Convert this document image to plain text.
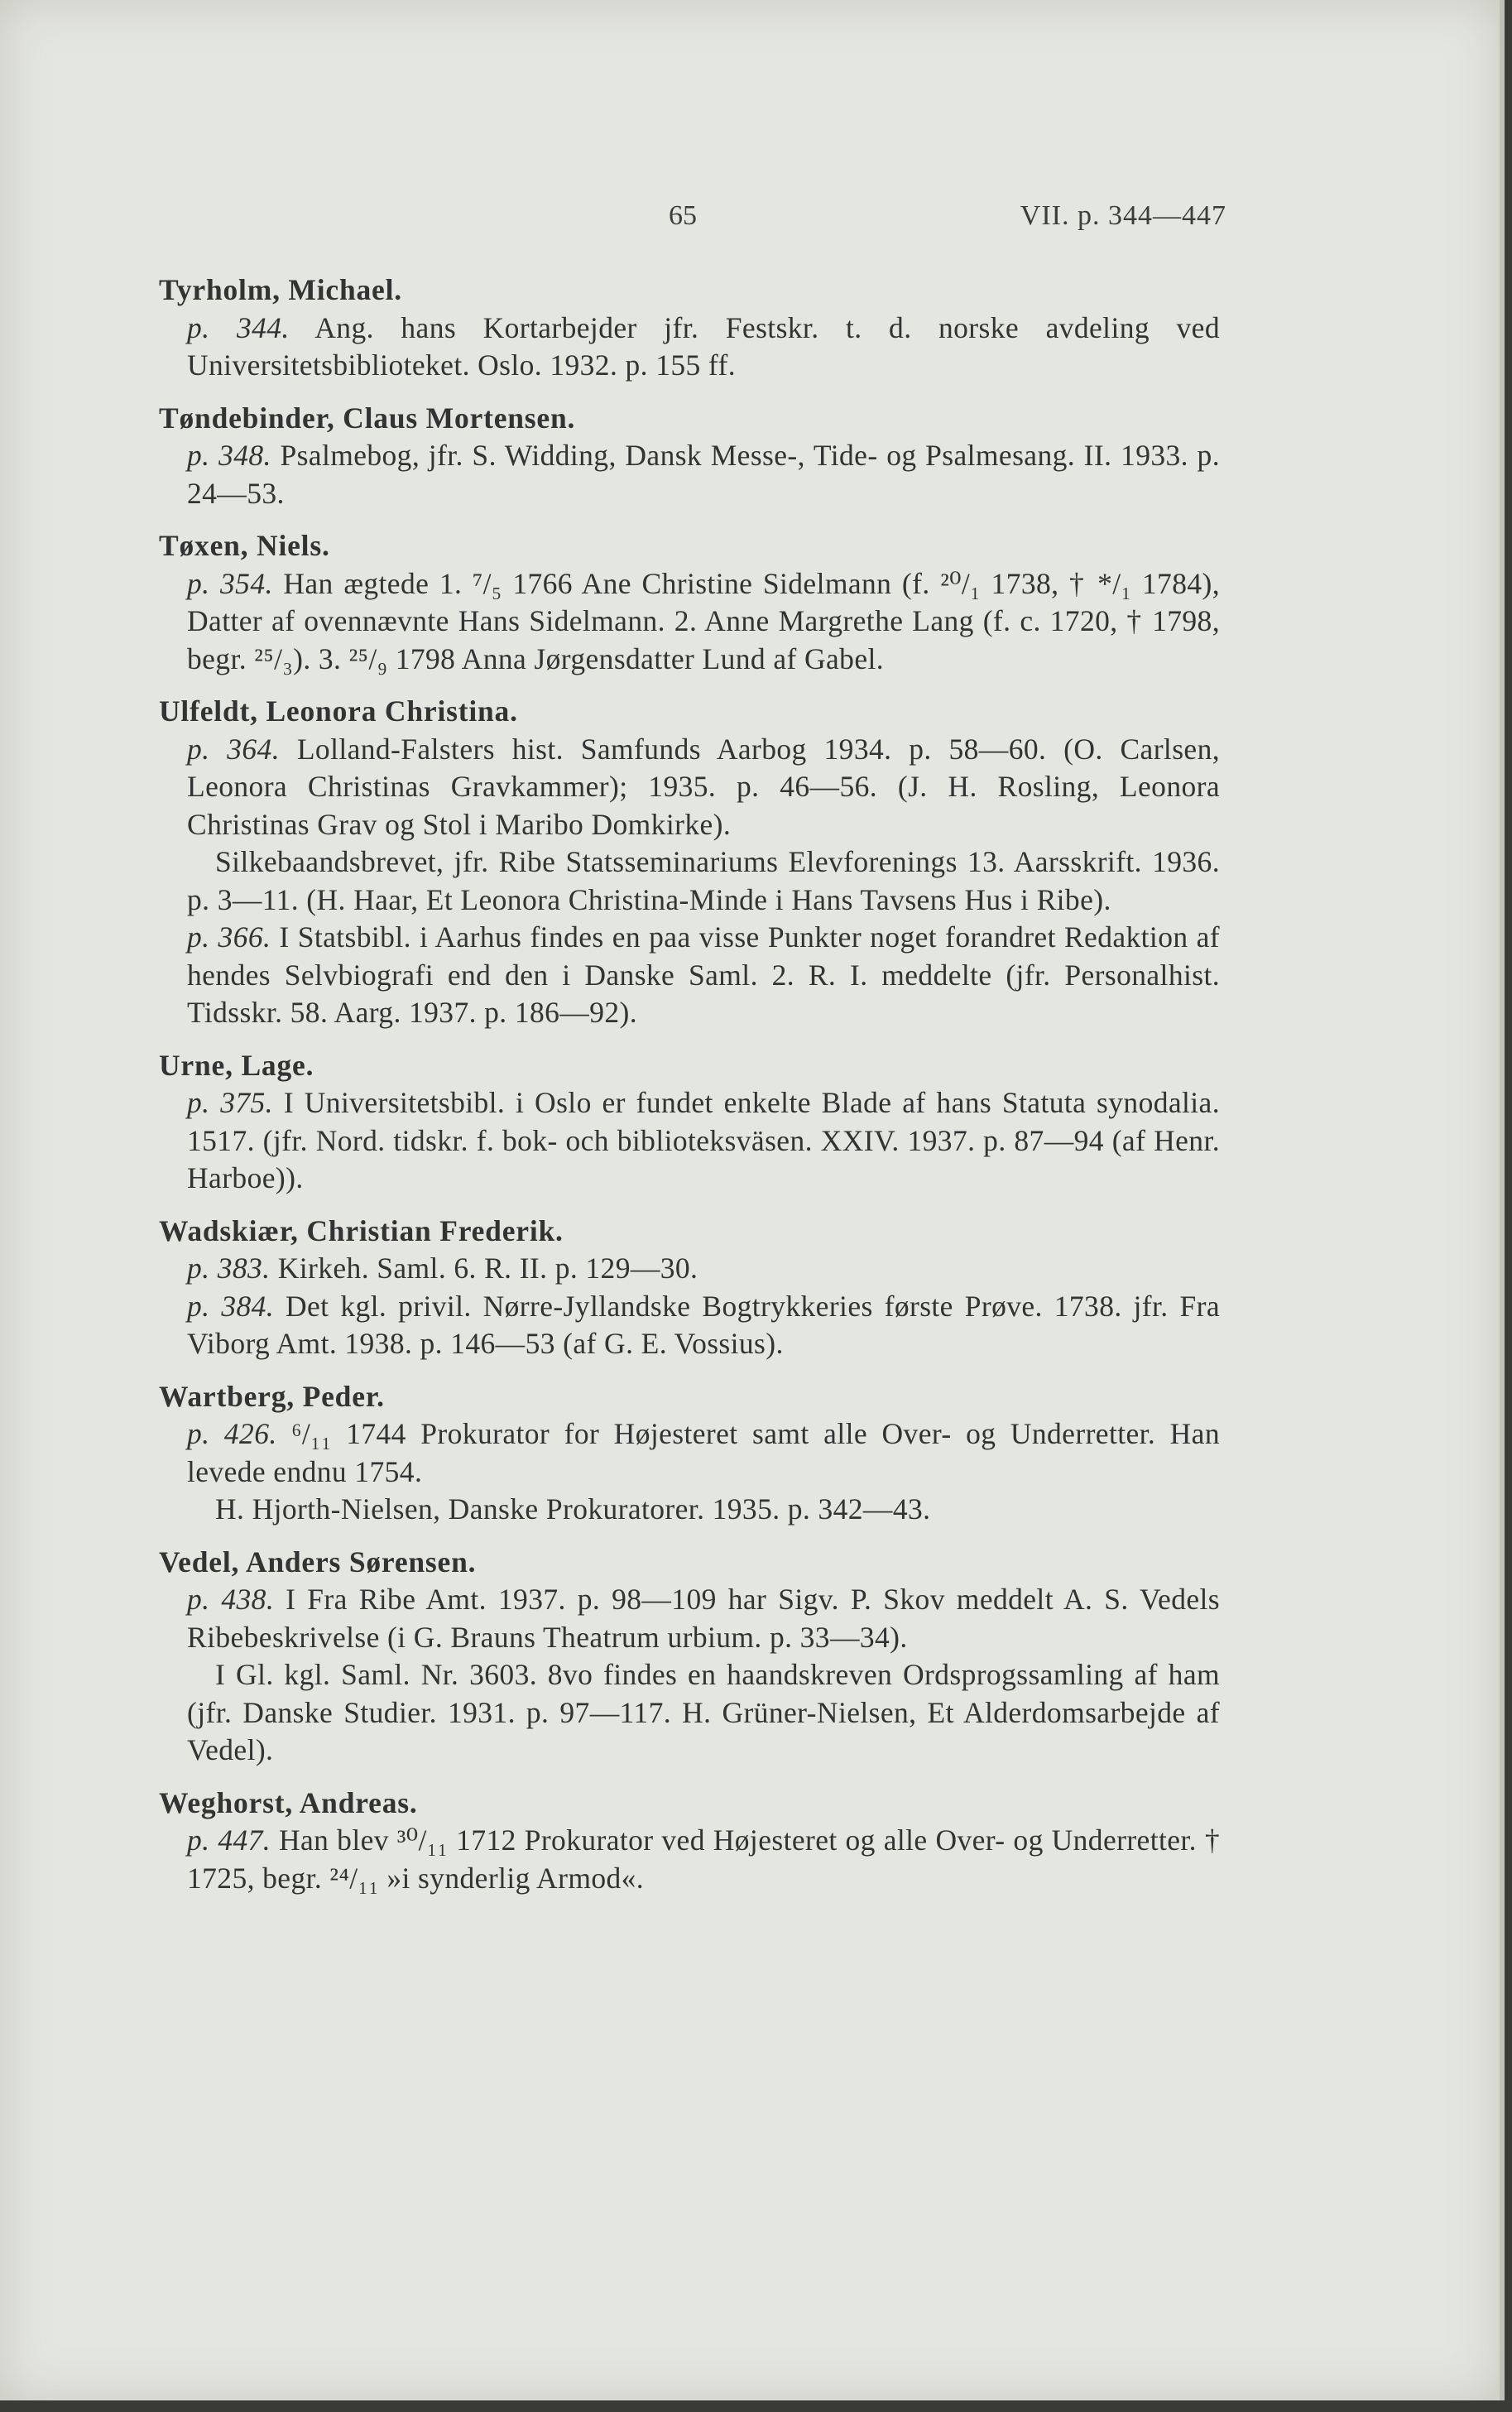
65	VII. p. 344—447

Tyrholm, Michael.

p. 344. Ang. hans Kortarbejder jfr. Festskr. t. d. norske avdeling ved Universitetsbiblioteket. Oslo. 1932. p. 155 ff.

Tøndebinder, Claus Mortensen.

p. 348. Psalmebog, jfr. S. Widding, Dansk Messe-, Tide- og Psalmesang. II. 1933. p. 24—53.

Tøxen, Niels.

p. 354. Han ægtede 1. ⁷/₅ 1766 Ane Christine Sidelmann (f. ²⁰/₁ 1738, † */₁ 1784), Datter af ovennævnte Hans Sidelmann. 2. Anne Margrethe Lang (f. c. 1720, † 1798, begr. ²⁵/₃). 3. ²⁵/₉ 1798 Anna Jørgensdatter Lund af Gabel.

Ulfeldt, Leonora Christina.

p. 364. Lolland-Falsters hist. Samfunds Aarbog 1934. p. 58—60. (O. Carlsen, Leonora Christinas Gravkammer); 1935. p. 46—56. (J. H. Rosling, Leonora Christinas Grav og Stol i Maribo Domkirke).

Silkebaandsbrevet, jfr. Ribe Statsseminariums Elevforenings 13. Aarsskrift. 1936. p. 3—11. (H. Haar, Et Leonora Christina-Minde i Hans Tavsens Hus i Ribe).

p. 366. I Statsbibl. i Aarhus findes en paa visse Punkter noget forandret Redaktion af hendes Selvbiografi end den i Danske Saml. 2. R. I. meddelte (jfr. Personalhist. Tidsskr. 58. Aarg. 1937. p. 186—92).

Urne, Lage.

p. 375. I Universitetsbibl. i Oslo er fundet enkelte Blade af hans Statuta synodalia. 1517. (jfr. Nord. tidskr. f. bok- och biblioteksväsen. XXIV. 1937. p. 87—94 (af Henr. Harboe)).

Wadskiær, Christian Frederik.

p. 383. Kirkeh. Saml. 6. R. II. p. 129—30.

p. 384. Det kgl. privil. Nørre-Jyllandske Bogtrykkeries første Prøve. 1738. jfr. Fra Viborg Amt. 1938. p. 146—53 (af G. E. Vossius).

Wartberg, Peder.

p. 426. ⁶/₁₁ 1744 Prokurator for Højesteret samt alle Over- og Underretter. Han levede endnu 1754.

H. Hjorth-Nielsen, Danske Prokuratorer. 1935. p. 342—43.

Vedel, Anders Sørensen.

p. 438. I Fra Ribe Amt. 1937. p. 98—109 har Sigv. P. Skov meddelt A. S. Vedels Ribebeskrivelse (i G. Brauns Theatrum urbium. p. 33—34).

I Gl. kgl. Saml. Nr. 3603. 8vo findes en haandskreven Ordsprogssamling af ham (jfr. Danske Studier. 1931. p. 97—117. H. Grüner-Nielsen, Et Alderdomsarbejde af Vedel).

Weghorst, Andreas.

p. 447. Han blev ³⁰/₁₁ 1712 Prokurator ved Højesteret og alle Over- og Underretter. † 1725, begr. ²⁴/₁₁ »i synderlig Armod«.
